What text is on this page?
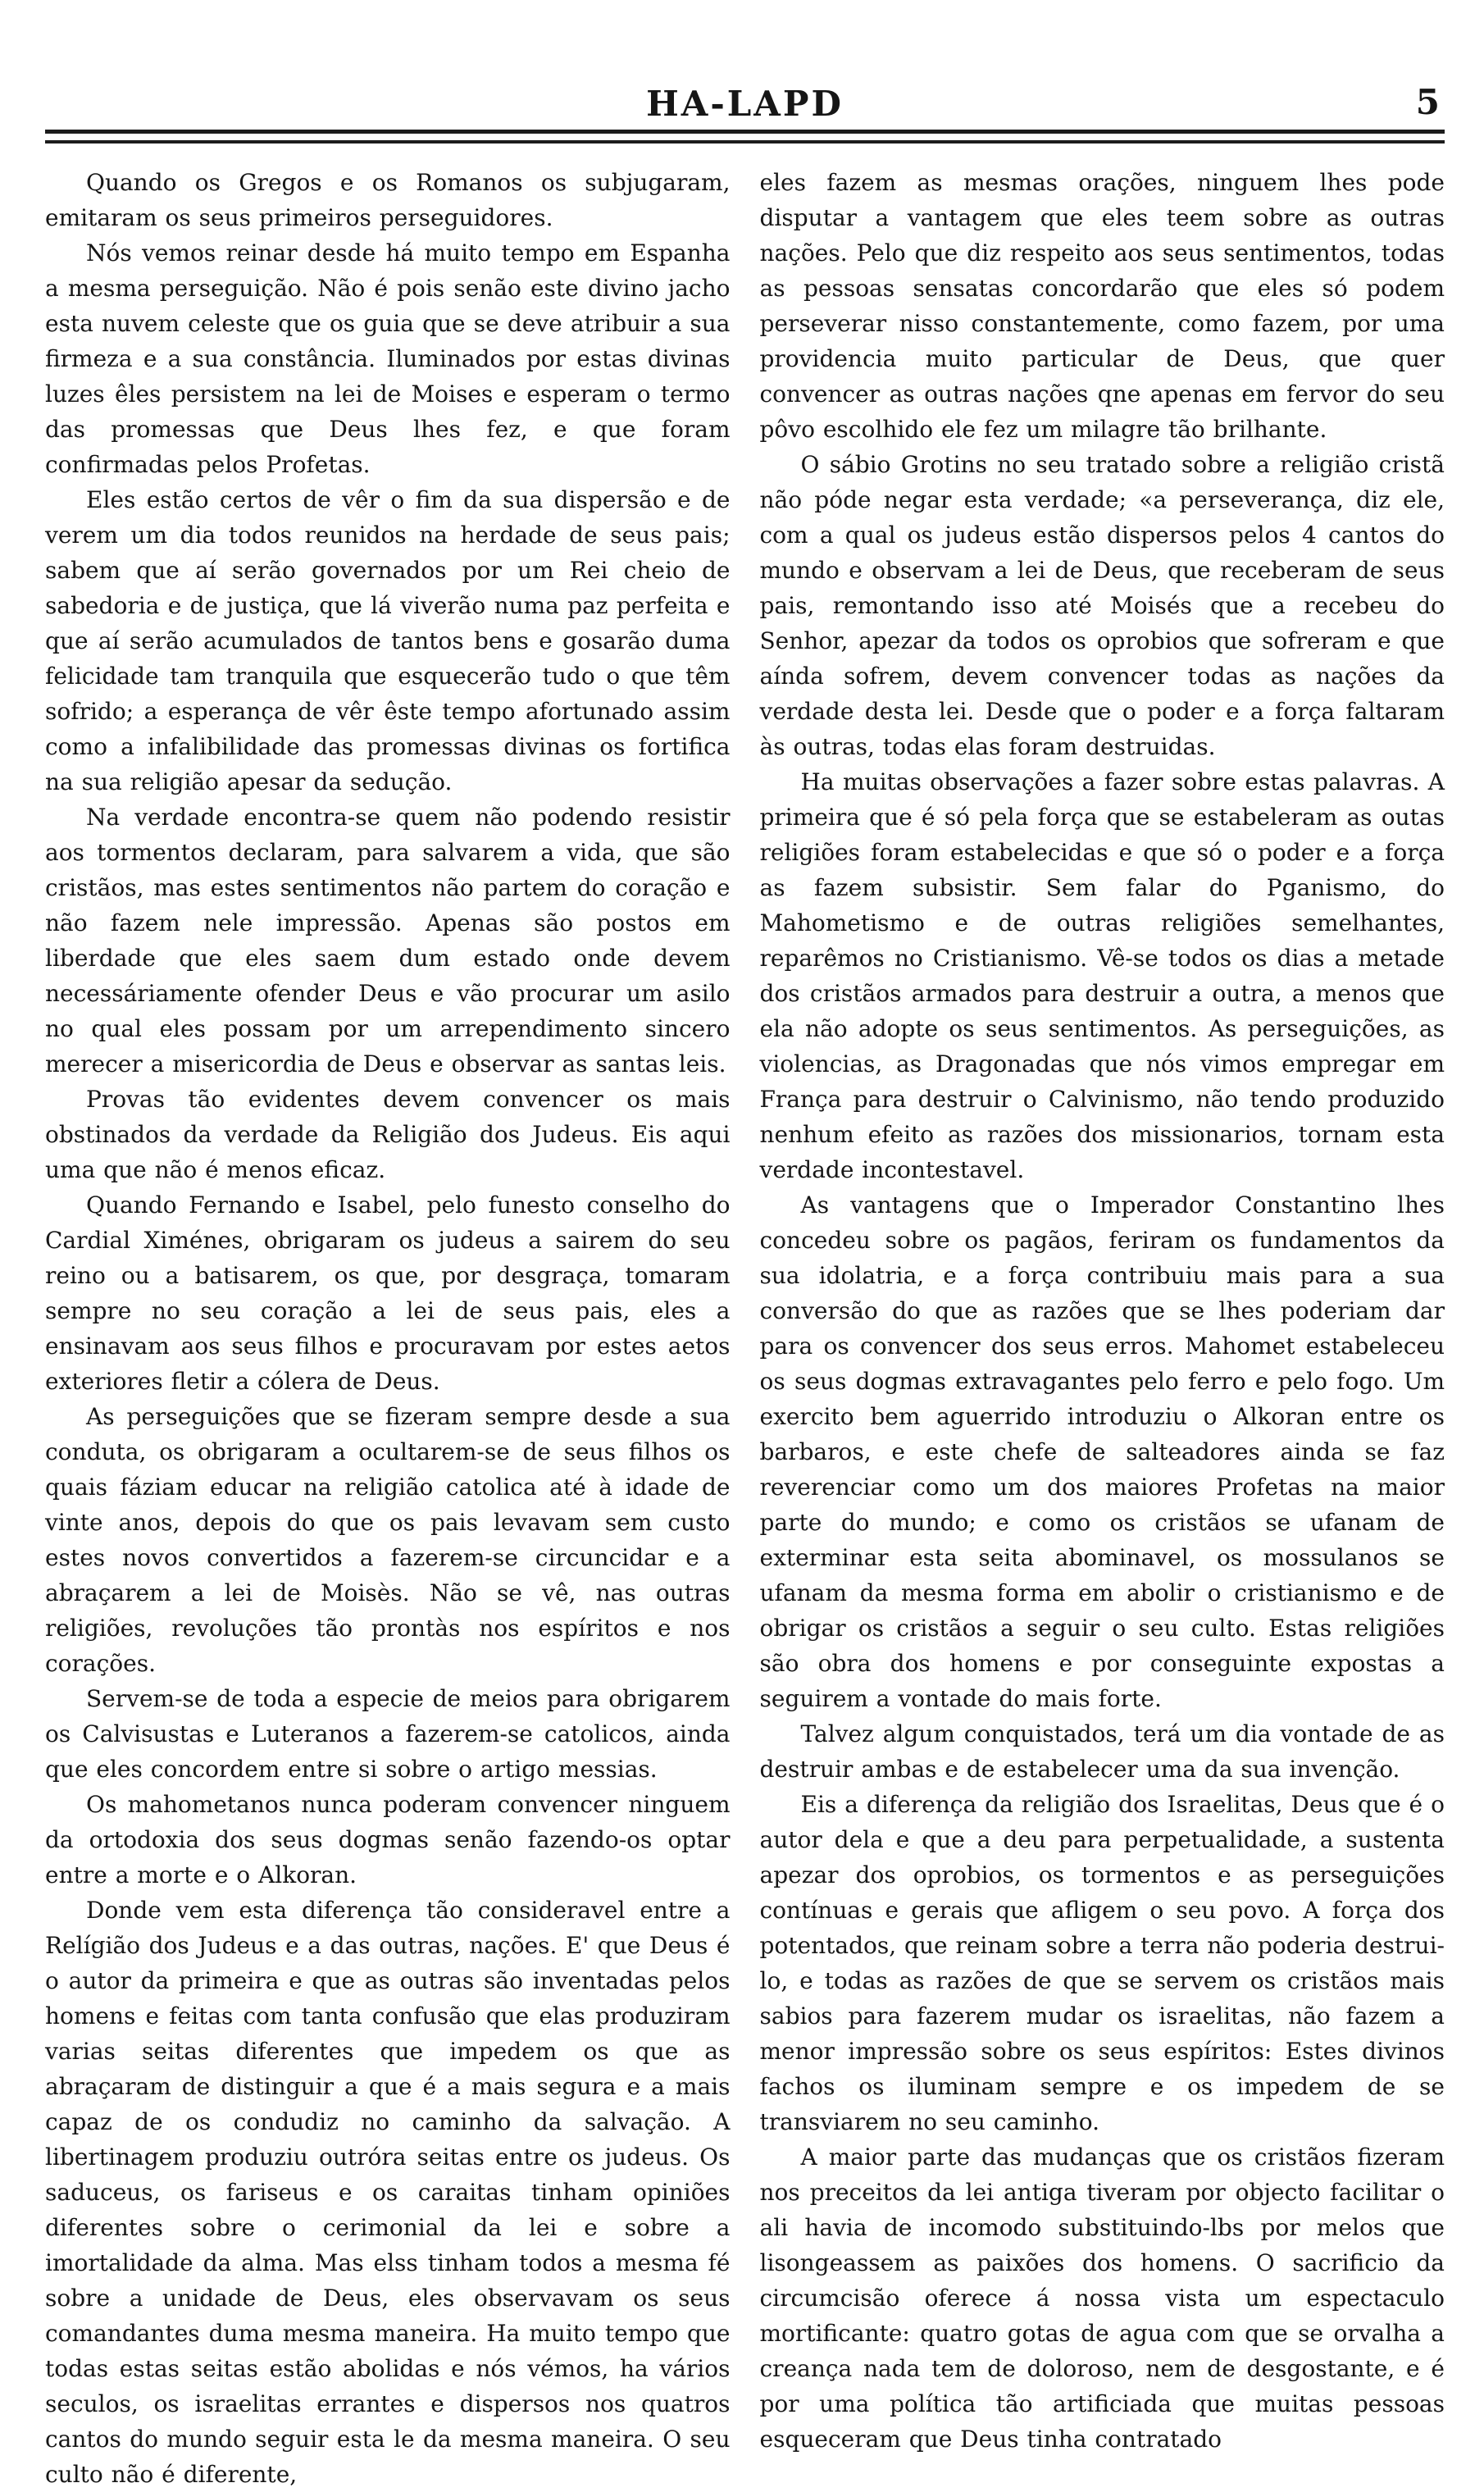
HA-LAPD	5

Quando os Gregos e os Romanos os subjugaram, emitaram os seus primeiros perseguidores.

Nós vemos reinar desde há muito tempo em Espanha a mesma perseguição. Não é pois senão este divino jacho esta nuvem celeste que os guia que se deve atribuir a sua firmeza e a sua constância. Iluminados por estas divinas luzes êles persistem na lei de Moises e esperam o termo das promessas que Deus lhes fez, e que foram confirmadas pelos Profetas.

Eles estão certos de vêr o fim da sua dispersão e de verem um dia todos reunidos na herdade de seus pais; sabem que aí serão governados por um Rei cheio de sabedoria e de justiça, que lá viverão numa paz perfeita e que aí serão acumulados de tantos bens e gosarão duma felicidade tam tranquila que esquecerão tudo o que têm sofrido; a esperança de vêr êste tempo afortunado assim como a infalibilidade das promessas divinas os fortifica na sua religião apesar da sedução.

Na verdade encontra-se quem não podendo resistir aos tormentos declaram, para salvarem a vida, que são cristãos, mas estes sentimentos não partem do coração e não fazem nele impressão. Apenas são postos em liberdade que eles saem dum estado onde devem necessáriamente ofender Deus e vão procurar um asilo no qual eles possam por um arrependimento sincero merecer a misericordia de Deus e observar as santas leis.

Provas tão evidentes devem convencer os mais obstinados da verdade da Religião dos Judeus. Eis aqui uma que não é menos eficaz.

Quando Fernando e Isabel, pelo funesto conselho do Cardial Ximénes, obrigaram os judeus a sairem do seu reino ou a batisarem, os que, por desgraça, tomaram sempre no seu coração a lei de seus pais, eles a ensinavam aos seus filhos e procuravam por estes aetos exteriores fletir a cólera de Deus.

As perseguições que se fizeram sempre desde a sua conduta, os obrigaram a ocultarem-se de seus filhos os quais fáziam educar na religião catolica até à idade de vinte anos, depois do que os pais levavam sem custo estes novos convertidos a fazerem-se circuncidar e a abraçarem a lei de Moisès. Não se vê, nas outras religiões, revoluções tão prontàs nos espíritos e nos corações.

Servem-se de toda a especie de meios para obrigarem os Calvisustas e Luteranos a fazerem-se catolicos, ainda que eles concordem entre si sobre o artigo messias.

Os mahometanos nunca poderam convencer ninguem da ortodoxia dos seus dogmas senão fazendo-os optar entre a morte e o Alkoran.

Donde vem esta diferença tão consideravel entre a Relígião dos Judeus e a das outras, nações. E' que Deus é o autor da primeira e que as outras são inventadas pelos homens e feitas com tanta confusão que elas produziram varias seitas diferentes que impedem os que as abraçaram de distinguir a que é a mais segura e a mais capaz de os condudiz no caminho da salvação. A libertinagem produziu outróra seitas entre os judeus. Os saduceus, os fariseus e os caraitas tinham opiniões diferentes sobre o cerimonial da lei e sobre a imortalidade da alma. Mas elss tinham todos a mesma fé sobre a unidade de Deus, eles observavam os seus comandantes duma mesma maneira. Ha muito tempo que todas estas seitas estão abolidas e nós vémos, ha vários seculos, os israelitas errantes e dispersos nos quatros cantos do mundo seguir esta le da mesma maneira. O seu culto não é diferente,

eles fazem as mesmas orações, ninguem lhes pode disputar a vantagem que eles teem sobre as outras nações. Pelo que diz respeito aos seus sentimentos, todas as pessoas sensatas concordarão que eles só podem perseverar nisso constantemente, como fazem, por uma providencia muito particular de Deus, que quer convencer as outras nações qne apenas em fervor do seu pôvo escolhido ele fez um milagre tão brilhante.

O sábio Grotins no seu tratado sobre a religião cristã não póde negar esta verdade; «a perseverança, diz ele, com a qual os judeus estão dispersos pelos 4 cantos do mundo e observam a lei de Deus, que receberam de seus pais, remontando isso até Moisés que a recebeu do Senhor, apezar da todos os oprobios que sofreram e que aínda sofrem, devem convencer todas as nações da verdade desta lei. Desde que o poder e a força faltaram às outras, todas elas foram destruidas.

Ha muitas observações a fazer sobre estas palavras. A primeira que é só pela força que se estabeleram as outas religiões foram estabelecidas e que só o poder e a força as fazem subsistir. Sem falar do Pganismo, do Mahometismo e de outras religiões semelhantes, reparêmos no Cristianismo. Vê-se todos os dias a metade dos cristãos armados para destruir a outra, a menos que ela não adopte os seus sentimentos. As perseguições, as violencias, as Dragonadas que nós vimos empregar em França para destruir o Calvinismo, não tendo produzido nenhum efeito as razões dos missionarios, tornam esta verdade incontestavel.

As vantagens que o Imperador Constantino lhes concedeu sobre os pagãos, feriram os fundamentos da sua idolatria, e a força contribuiu mais para a sua conversão do que as razões que se lhes poderiam dar para os convencer dos seus erros. Mahomet estabeleceu os seus dogmas extravagantes pelo ferro e pelo fogo. Um exercito bem aguerrido introduziu o Alkoran entre os barbaros, e este chefe de salteadores ainda se faz reverenciar como um dos maiores Profetas na maior parte do mundo; e como os cristãos se ufanam de exterminar esta seita abominavel, os mossulanos se ufanam da mesma forma em abolir o cristianismo e de obrigar os cristãos a seguir o seu culto. Estas religiões são obra dos homens e por conseguinte expostas a seguirem a vontade do mais forte.

Talvez algum conquistados, terá um dia vontade de as destruir ambas e de estabelecer uma da sua invenção.

Eis a diferença da religião dos Israelitas, Deus que é o autor dela e que a deu para perpetualidade, a sustenta apezar dos oprobios, os tormentos e as perseguições contínuas e gerais que afligem o seu povo. A força dos potentados, que reinam sobre a terra não poderia destrui-lo, e todas as razões de que se servem os cristãos mais sabios para fazerem mudar os israelitas, não fazem a menor impressão sobre os seus espíritos: Estes divinos fachos os iluminam sempre e os impedem de se transviarem no seu caminho.

A maior parte das mudanças que os cristãos fizeram nos preceitos da lei antiga tiveram por objecto facilitar o ali havia de incomodo substituindo-lbs por melos que lisongeassem as paixões dos homens. O sacrificio da circumcisão oferece á nossa vista um espectaculo mortificante: quatro gotas de agua com que se orvalha a creança nada tem de doloroso, nem de desgostante, e é por uma política tão artificiada que muitas pessoas esqueceram que Deus tinha contratado
